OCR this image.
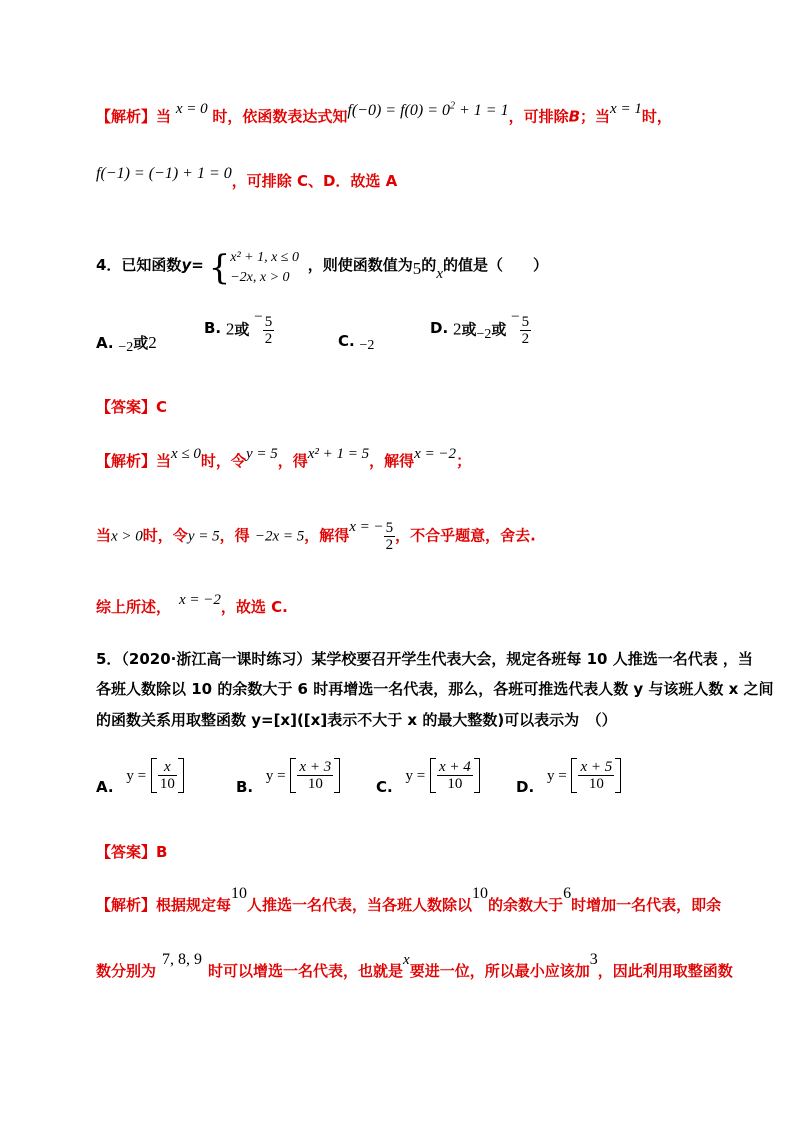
【解析】当 x = 0 时，依函数表达式知$f(-0) = f(0) = 0^2 + 1 = 1$，可排除B；当x = 1时，
f(−1) = (−1) + 1 = 0，可排除 C、D．故选 A
4．已知函数y= { x² + 1, x ≤ 0
−2x, x > 0
，则使函数值为5的x的值是（　　）
A. −2或2
B. 2或 − $\frac{5}{2}$	C. −2
D. 2或−2或 − $\frac{5}{2}$
【答案】C
【解析】当x ≤ 0时，令y = 5，得x² + 1 = 5，解得x = −2；
当x > 0时，令y = 5，得 −2x = 5，解得x = − $\frac{5}{2}$ ，不合乎题意，舍去.
综上所述， x = −2，故选 C.
5．（2020·浙江高一课时练习）某学校要召开学生代表大会，规定各班每 10 人推选一名代表 ，当
各班人数除以 10 的余数大于 6 时再增选一名代表，那么，各班可推选代表人数 y 与该班人数 x 之间
的函数关系用取整函数 y=[x]([x]表示不大于 x 的最大整数)可以表示为　（）
A. $y = \frac{x}{10}$	B. $y = \frac{x + 3}{10}$	C. $y = \frac{x + 4}{10}$	D. $y = \frac{x + 5}{10}$
【答案】B
【解析】根据规定每10人推选一名代表，当各班人数除以10的余数大于6时增加一名代表，即余
数分别为7, 8, 9时可以增选一名代表，也就是x要进一位，所以最小应该加3，因此利用取整函数
